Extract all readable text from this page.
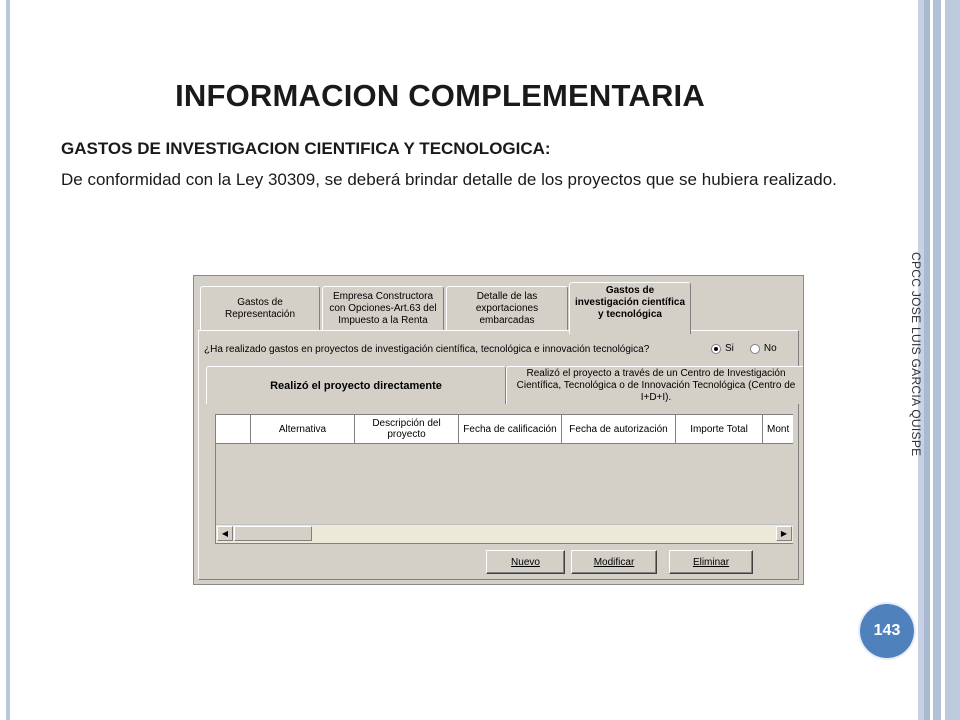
INFORMACION COMPLEMENTARIA
GASTOS DE INVESTIGACION CIENTIFICA Y TECNOLOGICA:
De conformidad con la Ley 30309, se deberá brindar detalle de los proyectos que se hubiera realizado.
CPCC JOSE LUIS GARCIA QUISPE
143
Gastos de Representación
Empresa Constructora con Opciones-Art.63 del Impuesto a la Renta
Detalle de las exportaciones embarcadas
Gastos de investigación científica y tecnológica
¿Ha realizado gastos en proyectos de investigación científica, tecnológica e innovación tecnológica?	Si	No
Realizó el proyecto directamente
Realizó el proyecto a través de un Centro de Investigación Científica, Tecnológica o de Innovación Tecnológica (Centro de I+D+I).
Alternativa	Descripción del proyecto	Fecha de calificación	Fecha de autorización	Importe Total	Mont
◀	▶
Nuevo	Modificar	Eliminar
